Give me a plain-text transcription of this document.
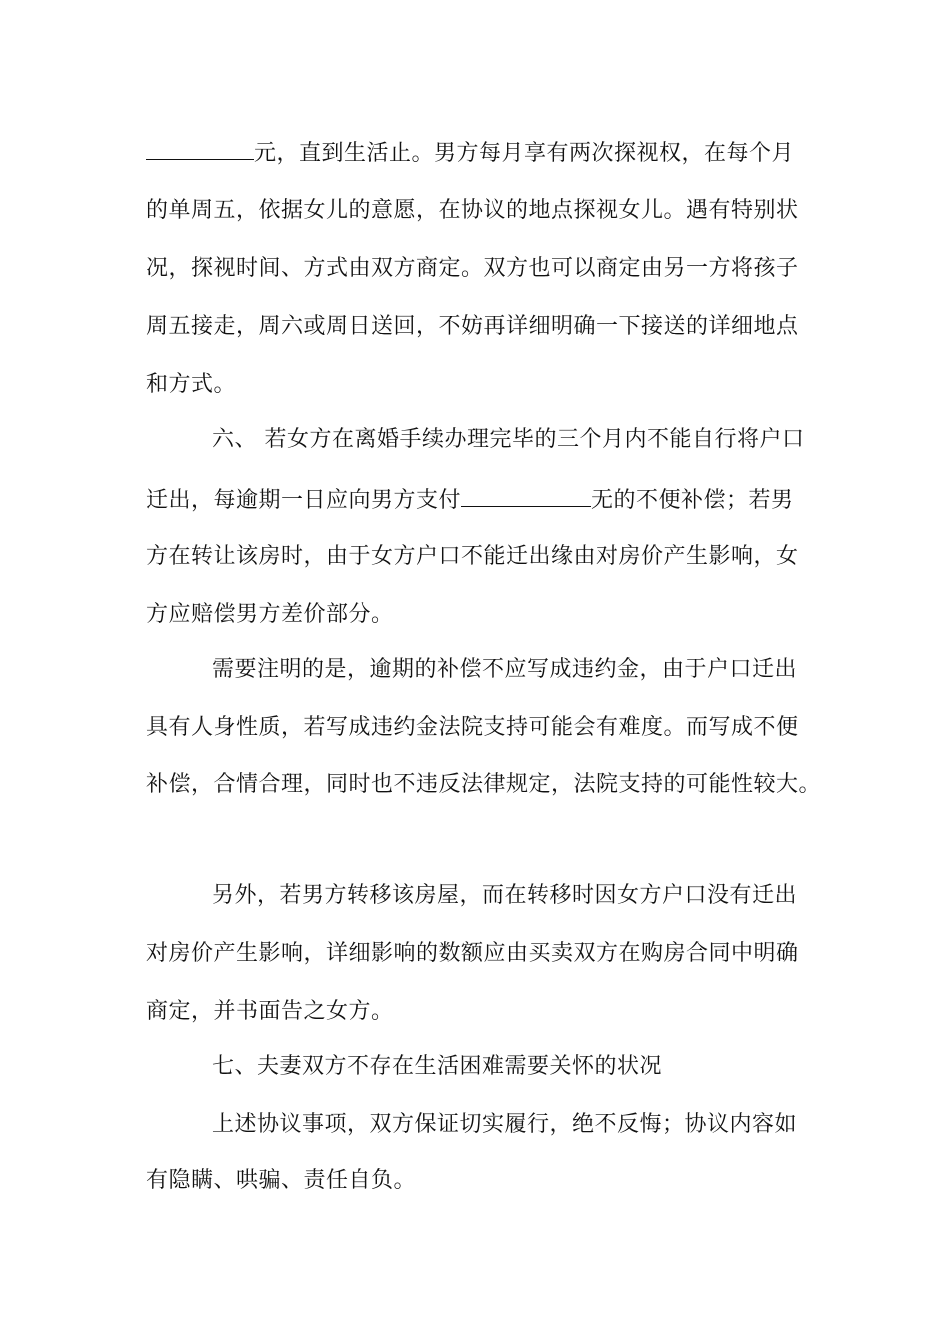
元，直到生活止。男方每月享有两次探视权，在每个月
的单周五，依据女儿的意愿，在协议的地点探视女儿。遇有特别状
况，探视时间、方式由双方商定。双方也可以商定由另一方将孩子
周五接走，周六或周日送回，不妨再详细明确一下接送的详细地点
和方式。
六、 若女方在离婚手续办理完毕的三个月内不能自行将户口
迁出，每逾期一日应向男方支付	无的不便补偿；若男
方在转让该房时，由于女方户口不能迁出缘由对房价产生影响，女
方应赔偿男方差价部分。
需要注明的是，逾期的补偿不应写成违约金，由于户口迁出
具有人身性质，若写成违约金法院支持可能会有难度。而写成不便
补偿，合情合理，同时也不违反法律规定，法院支持的可能性较大。
另外，若男方转移该房屋，而在转移时因女方户口没有迁出
对房价产生影响，详细影响的数额应由买卖双方在购房合同中明确
商定，并书面告之女方。
七、夫妻双方不存在生活困难需要关怀的状况
上述协议事项，双方保证切实履行，绝不反悔；协议内容如
有隐瞒、哄骗、责任自负。
